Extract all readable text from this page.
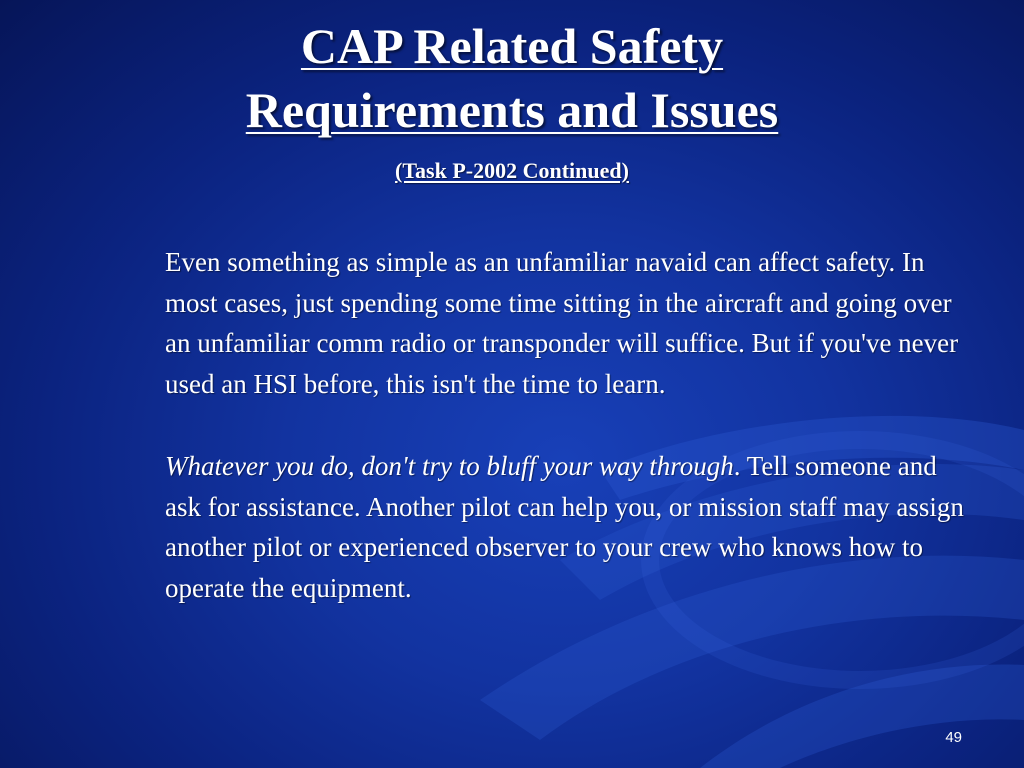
CAP Related Safety
Requirements and Issues
(Task P-2002 Continued)

Even something as simple as an unfamiliar navaid can affect safety. In most cases, just spending some time sitting in the aircraft and going over an unfamiliar comm radio or transponder will suffice. But if you've never used an HSI before, this isn't the time to learn.

Whatever you do, don't try to bluff your way through. Tell someone and ask for assistance. Another pilot can help you, or mission staff may assign another pilot or experienced observer to your crew who knows how to operate the equipment.

49
